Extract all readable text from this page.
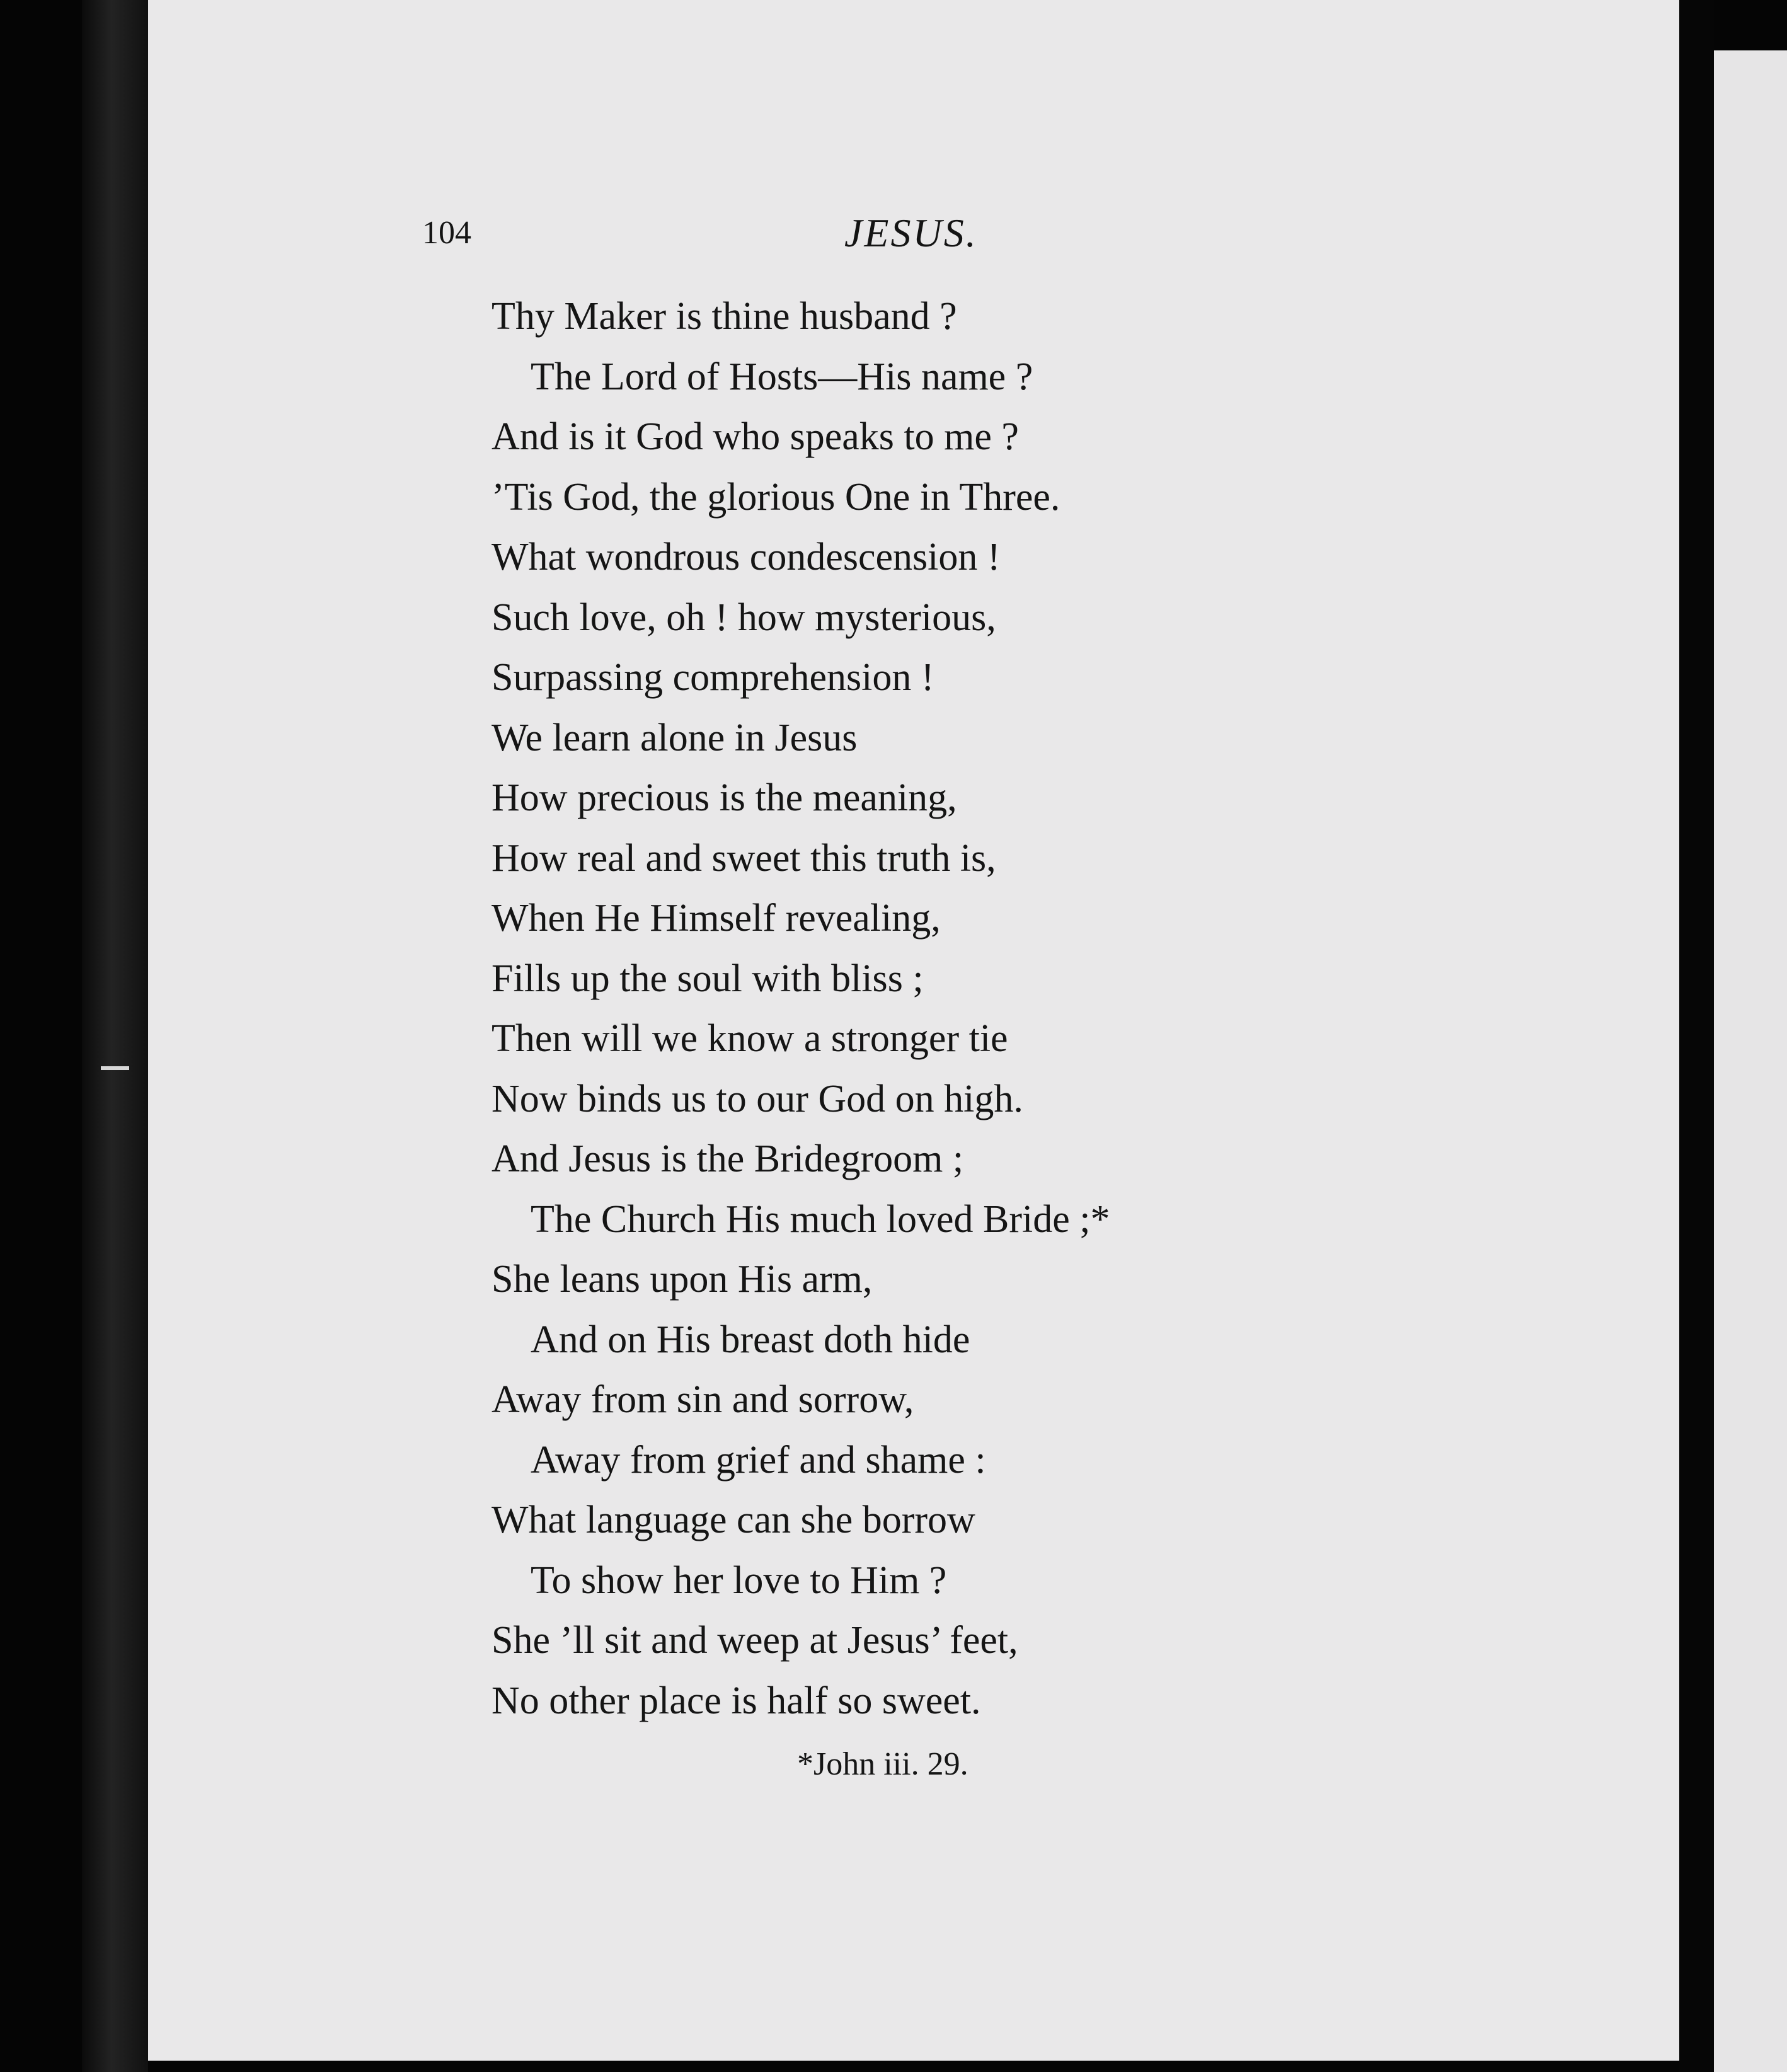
104	JESUS.
Thy Maker is thine husband ?
The Lord of Hosts—His name ?
And is it God who speaks to me ?
’Tis God, the glorious One in Three.
What wondrous condescension !
Such love, oh ! how mysterious,
Surpassing comprehension !
We learn alone in Jesus
How precious is the meaning,
How real and sweet this truth is,
When He Himself revealing,
Fills up the soul with bliss ;
Then will we know a stronger tie
Now binds us to our God on high.
And Jesus is the Bridegroom ;
The Church His much loved Bride ;*
She leans upon His arm,
And on His breast doth hide
Away from sin and sorrow,
Away from grief and shame :
What language can she borrow
To show her love to Him ?
She ’ll sit and weep at Jesus’ feet,
No other place is half so sweet.
*John iii. 29.
